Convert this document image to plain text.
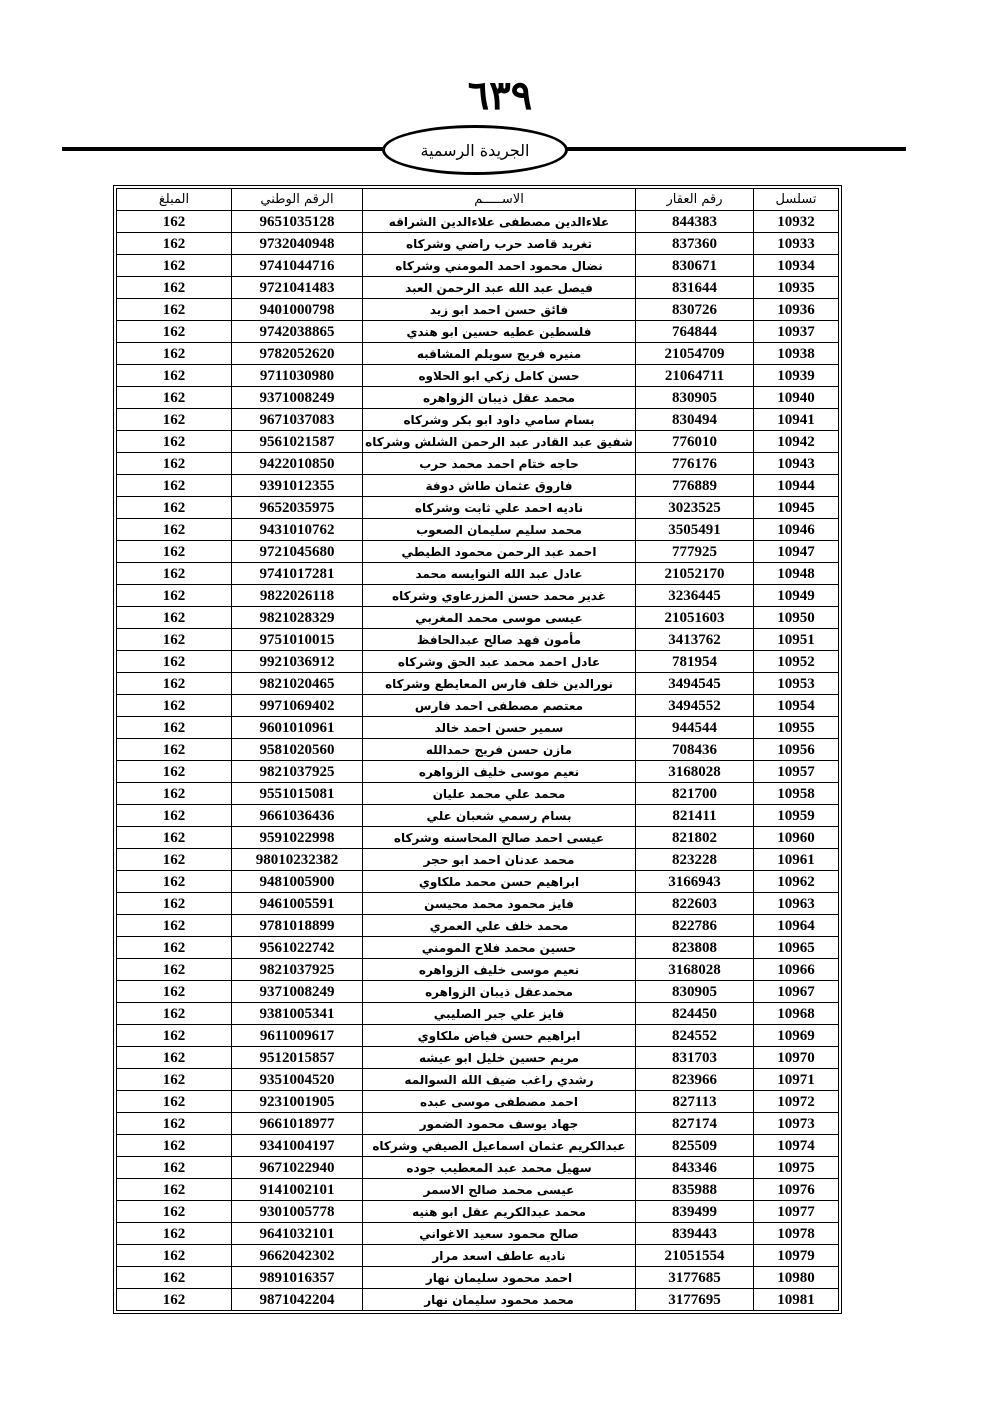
٦٣٩
الجريدة الرسمية
تسلسل	رقم العقار	الاســـــم	الرقم الوطني	المبلغ
10932	844383	علاءالدين مصطفى علاءالدين الشراقه	9651035128	162
10933	837360	تغريد قاصد حرب راضي وشركاه	9732040948	162
10934	830671	نضال محمود احمد المومني وشركاه	9741044716	162
10935	831644	فيصل عبد الله عبد الرحمن العبد	9721041483	162
10936	830726	فائق حسن احمد ابو زيد	9401000798	162
10937	764844	فلسطين عطيه حسين ابو هندي	9742038865	162
10938	21054709	منيره فريج سويلم المشاقبه	9782052620	162
10939	21064711	حسن كامل زكي ابو الحلاوه	9711030980	162
10940	830905	محمد عقل ذيبان الزواهره	9371008249	162
10941	830494	بسام سامي داود ابو بكر وشركاه	9671037083	162
10942	776010	شفيق عبد القادر عبد الرحمن الشلش وشركاه	9561021587	162
10943	776176	حاجه ختام احمد محمد حرب	9422010850	162
10944	776889	فاروق عثمان طاش دوفة	9391012355	162
10945	3023525	ناديه احمد علي ثابت وشركاه	9652035975	162
10946	3505491	محمد سليم سليمان الصعوب	9431010762	162
10947	777925	احمد عبد الرحمن محمود الطيطي	9721045680	162
10948	21052170	عادل عبد الله النوايسه محمد	9741017281	162
10949	3236445	غدير محمد حسن المزرعاوي وشركاه	9822026118	162
10950	21051603	عيسى موسى محمد المغربي	9821028329	162
10951	3413762	مأمون فهد صالح عبدالحافظ	9751010015	162
10952	781954	عادل احمد محمد عبد الحق وشركاه	9921036912	162
10953	3494545	نورالدين خلف فارس المعايطع وشركاه	9821020465	162
10954	3494552	معتصم مصطفى احمد فارس	9971069402	162
10955	944544	سمير حسن احمد خالد	9601010961	162
10956	708436	مازن حسن فريج حمدالله	9581020560	162
10957	3168028	نعيم موسى خليف الزواهره	9821037925	162
10958	821700	محمد علي محمد عليان	9551015081	162
10959	821411	بسام رسمي شعبان علي	9661036436	162
10960	821802	عيسى احمد صالح المحاسنه وشركاه	9591022998	162
10961	823228	محمد عدنان احمد ابو حجر	98010232382	162
10962	3166943	ابراهيم حسن محمد ملكاوي	9481005900	162
10963	822603	فايز محمود محمد محيسن	9461005591	162
10964	822786	محمد خلف علي العمري	9781018899	162
10965	823808	حسين محمد فلاح المومني	9561022742	162
10966	3168028	نعيم موسى خليف الزواهره	9821037925	162
10967	830905	محمدعقل ذيبان الزواهره	9371008249	162
10968	824450	فايز علي جبر الصليبي	9381005341	162
10969	824552	ابراهيم حسن فياض ملكاوي	9611009617	162
10970	831703	مريم حسين خليل ابو عيشه	9512015857	162
10971	823966	رشدي راغب ضيف الله السوالمه	9351004520	162
10972	827113	احمد مصطفى موسى عبده	9231001905	162
10973	827174	جهاد يوسف محمود الضمور	9661018977	162
10974	825509	عبدالكريم عثمان اسماعيل الصيفي وشركاه	9341004197	162
10975	843346	سهيل محمد عبد المعطيب جوده	9671022940	162
10976	835988	عيسى محمد صالح الاسمر	9141002101	162
10977	839499	محمد عبدالكريم عقل ابو هنيه	9301005778	162
10978	839443	صالح محمود سعيد الاغواني	9641032101	162
10979	21051554	ناديه عاطف اسعد مرار	9662042302	162
10980	3177685	احمد محمود سليمان نهار	9891016357	162
10981	3177695	محمد محمود سليمان نهار	9871042204	162
